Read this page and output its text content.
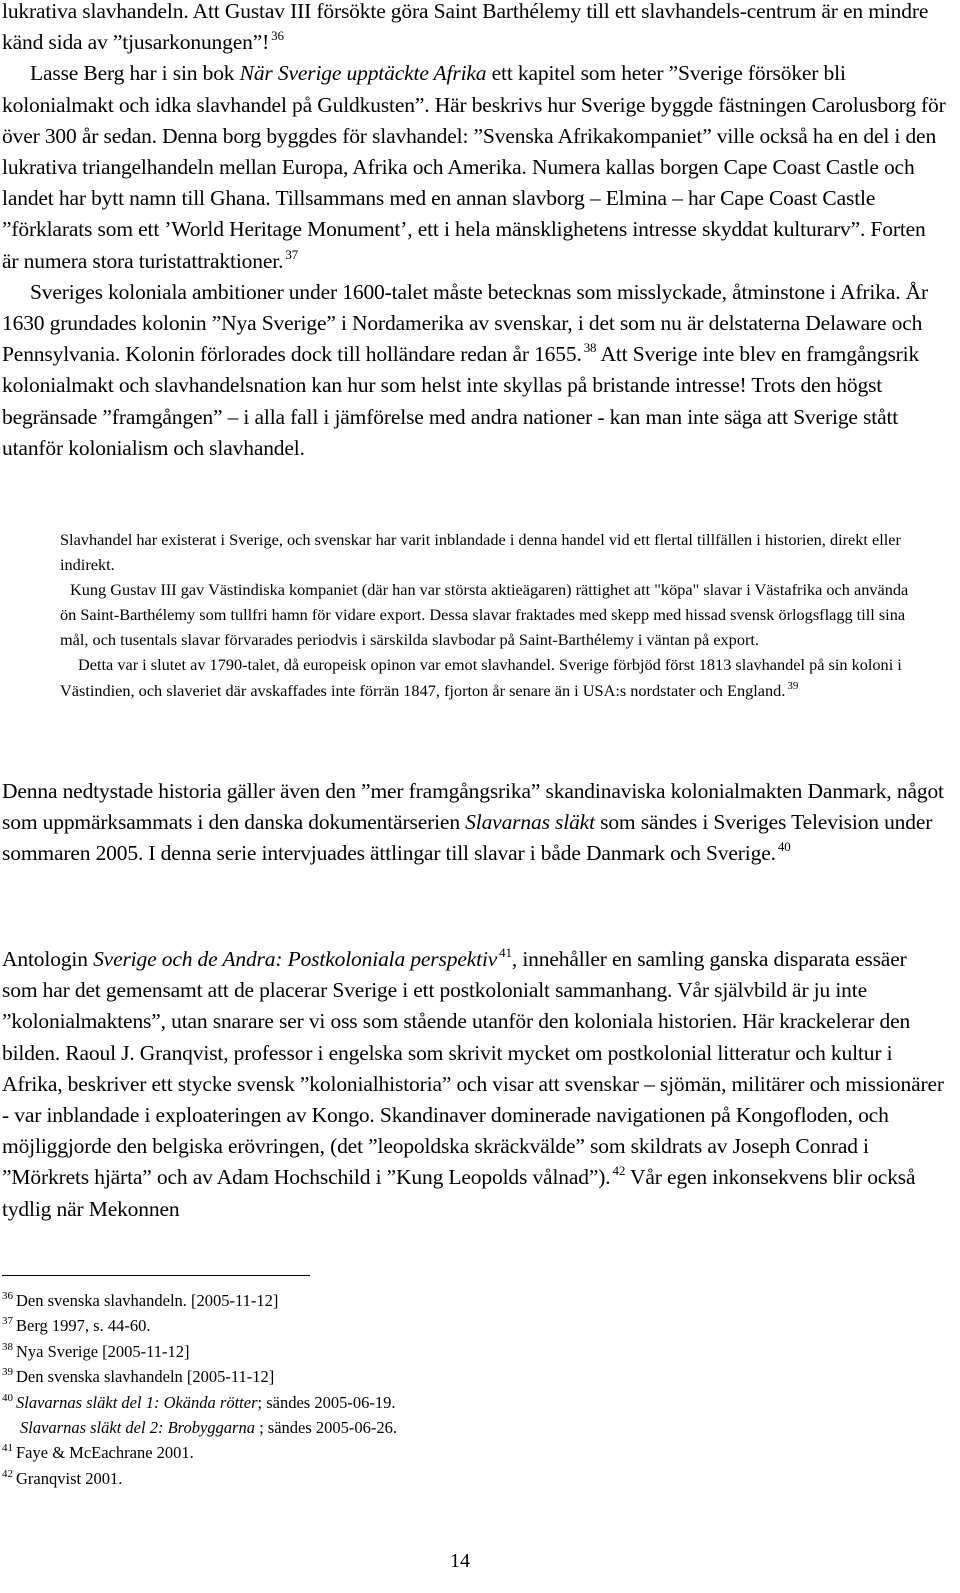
lukrativa slavhandeln. Att Gustav III försökte göra Saint Barthélemy till ett slavhandels-centrum är en mindre känd sida av ”tjusarkonungen”! $^{36}$
Lasse Berg har i sin bok När Sverige upptäckte Afrika ett kapitel som heter ”Sverige försöker bli kolonialmakt och idka slavhandel på Guldkusten”. Här beskrivs hur Sverige byggde fästningen Carolusborg för över 300 år sedan. Denna borg byggdes för slavhandel: ”Svenska Afrikakompaniet” ville också ha en del i den lukrativa triangelhandeln mellan Europa, Afrika och Amerika. Numera kallas borgen Cape Coast Castle och landet har bytt namn till Ghana. Tillsammans med en annan slavborg – Elmina – har Cape Coast Castle ”förklarats som ett ’World Heritage Monument’, ett i hela mänsklighetens intresse skyddat kulturarv”. Forten är numera stora turistattraktioner. $^{37}$
Sveriges koloniala ambitioner under 1600-talet måste betecknas som misslyckade, åtminstone i Afrika. År 1630 grundades kolonin ”Nya Sverige” i Nordamerika av svenskar, i det som nu är delstaterna Delaware och Pennsylvania. Kolonin förlorades dock till holländare redan år 1655. $^{38}$ Att Sverige inte blev en framgångsrik kolonialmakt och slavhandelsnation kan hur som helst inte skyllas på bristande intresse! Trots den högst begränsade ”framgången” – i alla fall i jämförelse med andra nationer - kan man inte säga att Sverige stått utanför kolonialism och slavhandel.

Slavhandel har existerat i Sverige, och svenskar har varit inblandade i denna handel vid ett flertal tillfällen i historien, direkt eller indirekt.
Kung Gustav III gav Västindiska kompaniet (där han var största aktieägaren) rättighet att "köpa" slavar i Västafrika och använda ön Saint-Barthélemy som tullfri hamn för vidare export. Dessa slavar fraktades med skepp med hissad svensk örlogsflagg till sina mål, och tusentals slavar förvarades periodvis i särskilda slavbodar på Saint-Barthélemy i väntan på export.
Detta var i slutet av 1790-talet, då europeisk opinon var emot slavhandel. Sverige förbjöd först 1813 slavhandel på sin koloni i Västindien, och slaveriet där avskaffades inte förrän 1847, fjorton år senare än i USA:s nordstater och England. $^{39}$

Denna nedtystade historia gäller även den ”mer framgångsrika” skandinaviska kolonialmakten Danmark, något som uppmärksammats i den danska dokumentärserien Slavarnas släkt som sändes i Sveriges Television under sommaren 2005. I denna serie intervjuades ättlingar till slavar i både Danmark och Sverige. $^{40}$

Antologin Sverige och de Andra: Postkoloniala perspektiv $^{41}$, innehåller en samling ganska disparata essäer som har det gemensamt att de placerar Sverige i ett postkolonialt sammanhang. Vår självbild är ju inte ”kolonialmaktens”, utan snarare ser vi oss som stående utanför den koloniala historien. Här krackelerar den bilden. Raoul J. Granqvist, professor i engelska som skrivit mycket om postkolonial litteratur och kultur i Afrika, beskriver ett stycke svensk ”kolonialhistoria” och visar att svenskar – sjömän, militärer och missionärer - var inblandade i exploateringen av Kongo. Skandinaver dominerade navigationen på Kongofloden, och möjliggjorde den belgiska erövringen, (det ”leopoldska skräckvälde” som skildrats av Joseph Conrad i ”Mörkrets hjärta” och av Adam Hochschild i ”Kung Leopolds vålnad”). $^{42}$ Vår egen inkonsekvens blir också tydlig när Mekonnen

$^{36}$ Den svenska slavhandeln. [2005-11-12]
$^{37}$ Berg 1997, s. 44-60.
$^{38}$ Nya Sverige [2005-11-12]
$^{39}$ Den svenska slavhandeln [2005-11-12]
$^{40}$ Slavarnas släkt del 1: Okända rötter; sändes 2005-06-19.
Slavarnas släkt del 2: Brobyggarna ; sändes 2005-06-26.
$^{41}$ Faye & McEachrane 2001.
$^{42}$ Granqvist 2001.
14
